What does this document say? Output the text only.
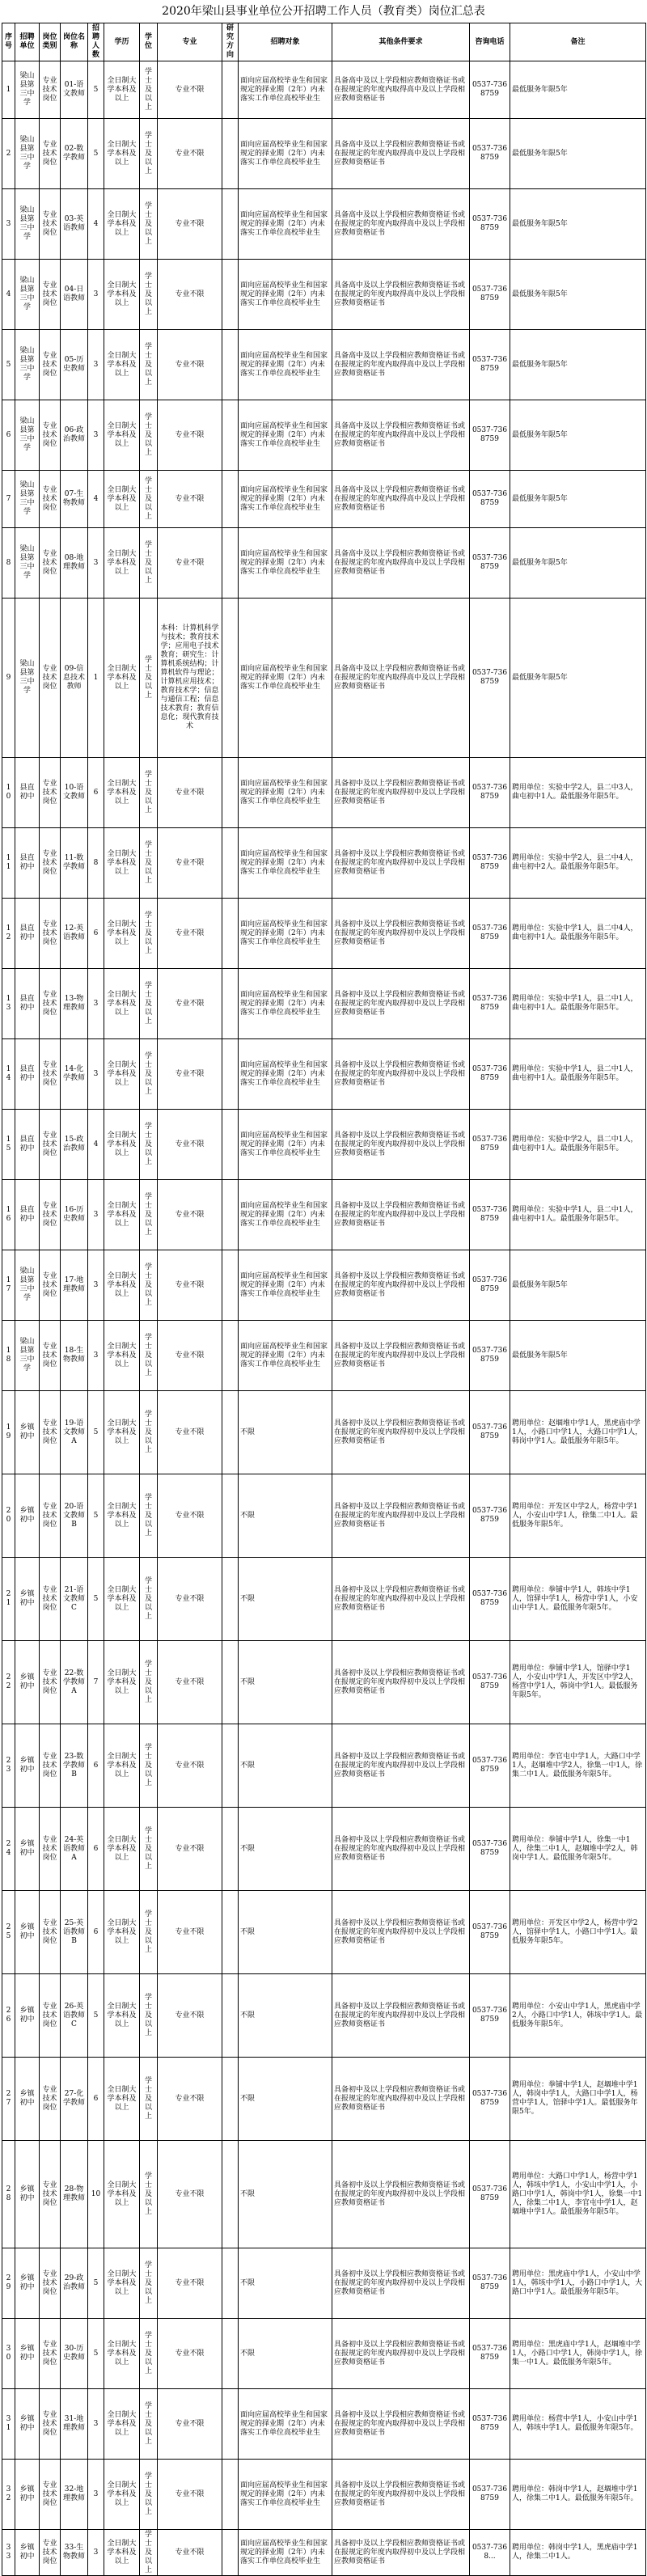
2020年梁山县事业单位公开招聘工作人员（教育类）岗位汇总表
序号	招聘单位	岗位类别	岗位名称	招聘人数	学历	学位	专业	研究方向	招聘对象	其他条件要求	咨询电话	备注
1	梁山县第三中学	专业技术岗位	01-语文教师	5	全日制大学本科及以上	学士及以上	专业不限		面向应届高校毕业生和国家规定的择业期（2年）内未落实工作单位高校毕业生	具备高中及以上学段相应教师资格证书或在报规定的年度内取得高中及以上学段相应教师资格证书	0537-7368759	最低服务年限5年
2	梁山县第三中学	专业技术岗位	02-数学教师	5	全日制大学本科及以上	学士及以上	专业不限		面向应届高校毕业生和国家规定的择业期（2年）内未落实工作单位高校毕业生	具备高中及以上学段相应教师资格证书或在报规定的年度内取得高中及以上学段相应教师资格证书	0537-7368759	最低服务年限5年
3	梁山县第三中学	专业技术岗位	03-英语教师	4	全日制大学本科及以上	学士及以上	专业不限		面向应届高校毕业生和国家规定的择业期（2年）内未落实工作单位高校毕业生	具备高中及以上学段相应教师资格证书或在报规定的年度内取得高中及以上学段相应教师资格证书	0537-7368759	最低服务年限5年
4	梁山县第三中学	专业技术岗位	04-日语教师	3	全日制大学本科及以上	学士及以上	专业不限		面向应届高校毕业生和国家规定的择业期（2年）内未落实工作单位高校毕业生	具备高中及以上学段相应教师资格证书或在报规定的年度内取得高中及以上学段相应教师资格证书	0537-7368759	最低服务年限5年
5	梁山县第三中学	专业技术岗位	05-历史教师	3	全日制大学本科及以上	学士及以上	专业不限		面向应届高校毕业生和国家规定的择业期（2年）内未落实工作单位高校毕业生	具备高中及以上学段相应教师资格证书或在报规定的年度内取得高中及以上学段相应教师资格证书	0537-7368759	最低服务年限5年
6	梁山县第三中学	专业技术岗位	06-政治教师	3	全日制大学本科及以上	学士及以上	专业不限		面向应届高校毕业生和国家规定的择业期（2年）内未落实工作单位高校毕业生	具备高中及以上学段相应教师资格证书或在报规定的年度内取得高中及以上学段相应教师资格证书	0537-7368759	最低服务年限5年
7	梁山县第三中学	专业技术岗位	07-生物教师	4	全日制大学本科及以上	学士及以上	专业不限		面向应届高校毕业生和国家规定的择业期（2年）内未落实工作单位高校毕业生	具备高中及以上学段相应教师资格证书或在报规定的年度内取得高中及以上学段相应教师资格证书	0537-7368759	最低服务年限5年
8	梁山县第三中学	专业技术岗位	08-地理教师	3	全日制大学本科及以上	学士及以上	专业不限		面向应届高校毕业生和国家规定的择业期（2年）内未落实工作单位高校毕业生	具备高中及以上学段相应教师资格证书或在报规定的年度内取得高中及以上学段相应教师资格证书	0537-7368759	最低服务年限5年
9	梁山县第三中学	专业技术岗位	09-信息技术教师	1	全日制大学本科及以上	学士及以上	本科：计算机科学与技术；教育技术学；应用电子技术教育；研究生：计算机系统结构；计算机软件与理论；计算机应用技术；教育技术学；信息与通信工程；信息技术教育；教育信息化；现代教育技术		面向应届高校毕业生和国家规定的择业期（2年）内未落实工作单位高校毕业生	具备高中及以上学段相应教师资格证书或在报规定的年度内取得高中及以上学段相应教师资格证书	0537-7368759	最低服务年限5年
10	县直初中	专业技术岗位	10-语文教师	6	全日制大学本科及以上	学士及以上	专业不限		面向应届高校毕业生和国家规定的择业期（2年）内未落实工作单位高校毕业生	具备初中及以上学段相应教师资格证书或在报规定的年度内取得初中及以上学段相应教师资格证书	0537-7368759	聘用单位：实验中学2人，县二中3人，曲屯初中1人。最低服务年限5年。
11	县直初中	专业技术岗位	11-数学教师	8	全日制大学本科及以上	学士及以上	专业不限		面向应届高校毕业生和国家规定的择业期（2年）内未落实工作单位高校毕业生	具备初中及以上学段相应教师资格证书或在报规定的年度内取得初中及以上学段相应教师资格证书	0537-7368759	聘用单位：实验中学2人，县二中4人，曲屯初中2人。最低服务年限5年。
12	县直初中	专业技术岗位	12-英语教师	6	全日制大学本科及以上	学士及以上	专业不限		面向应届高校毕业生和国家规定的择业期（2年）内未落实工作单位高校毕业生	具备初中及以上学段相应教师资格证书或在报规定的年度内取得初中及以上学段相应教师资格证书	0537-7368759	聘用单位：实验中学1人，县二中4人，曲屯初中1人。最低服务年限5年。
13	县直初中	专业技术岗位	13-物理教师	3	全日制大学本科及以上	学士及以上	专业不限		面向应届高校毕业生和国家规定的择业期（2年）内未落实工作单位高校毕业生	具备初中及以上学段相应教师资格证书或在报规定的年度内取得初中及以上学段相应教师资格证书	0537-7368759	聘用单位：实验中学1人，县二中1人，曲屯初中1人。最低服务年限5年。
14	县直初中	专业技术岗位	14-化学教师	3	全日制大学本科及以上	学士及以上	专业不限		面向应届高校毕业生和国家规定的择业期（2年）内未落实工作单位高校毕业生	具备初中及以上学段相应教师资格证书或在报规定的年度内取得初中及以上学段相应教师资格证书	0537-7368759	聘用单位：实验中学1人，县二中1人，曲屯初中1人。最低服务年限5年。
15	县直初中	专业技术岗位	15-政治教师	4	全日制大学本科及以上	学士及以上	专业不限		面向应届高校毕业生和国家规定的择业期（2年）内未落实工作单位高校毕业生	具备初中及以上学段相应教师资格证书或在报规定的年度内取得初中及以上学段相应教师资格证书	0537-7368759	聘用单位：实验中学2人，县二中1人，曲屯初中1人。最低服务年限5年。
16	县直初中	专业技术岗位	16-历史教师	3	全日制大学本科及以上	学士及以上	专业不限		面向应届高校毕业生和国家规定的择业期（2年）内未落实工作单位高校毕业生	具备初中及以上学段相应教师资格证书或在报规定的年度内取得初中及以上学段相应教师资格证书	0537-7368759	聘用单位：实验中学1人，县二中1人，曲屯初中1人。最低服务年限5年。
17	梁山县第三中学	专业技术岗位	17-地理教师	3	全日制大学本科及以上	学士及以上	专业不限		面向应届高校毕业生和国家规定的择业期（2年）内未落实工作单位高校毕业生	具备初中及以上学段相应教师资格证书或在报规定的年度内取得初中及以上学段相应教师资格证书	0537-7368759	最低服务年限5年
18	梁山县第三中学	专业技术岗位	18-生物教师	3	全日制大学本科及以上	学士及以上	专业不限		面向应届高校毕业生和国家规定的择业期（2年）内未落实工作单位高校毕业生	具备初中及以上学段相应教师资格证书或在报规定的年度内取得初中及以上学段相应教师资格证书	0537-7368759	最低服务年限5年
19	乡镇初中	专业技术岗位	19-语文教师A	5	全日制大学本科及以上	学士及以上	专业不限		不限	具备初中及以上学段相应教师资格证书或在报规定的年度内取得初中及以上学段相应教师资格证书	0537-7368759	聘用单位：赵堌堆中学1人，黑虎庙中学1人，小路口中学1人，大路口中学1人，韩岗中学1人。最低服务年限5年。
20	乡镇初中	专业技术岗位	20-语文教师B	5	全日制大学本科及以上	学士及以上	专业不限		不限	具备初中及以上学段相应教师资格证书或在报规定的年度内取得初中及以上学段相应教师资格证书	0537-7368759	聘用单位：开发区中学2人，杨营中学1人，小安山中学1人，徐集二中1人。最低服务年限5年。
21	乡镇初中	专业技术岗位	21-语文教师C	5	全日制大学本科及以上	学士及以上	专业不限		不限	具备初中及以上学段相应教师资格证书或在报规定的年度内取得初中及以上学段相应教师资格证书	0537-7368759	聘用单位：拳铺中学1人，韩垓中学1人，馆驿中学1人，杨营中学1人，小安山中学1人。最低服务年限5年。
22	乡镇初中	专业技术岗位	22-数学教师A	7	全日制大学本科及以上	学士及以上	专业不限		不限	具备初中及以上学段相应教师资格证书或在报规定的年度内取得初中及以上学段相应教师资格证书	0537-7368759	聘用单位：拳铺中学1人，馆驿中学1人，小安山中学1人，开发区中学2人，杨营中学1人，韩岗中学1人。最低服务年限5年。
23	乡镇初中	专业技术岗位	23-数学教师B	6	全日制大学本科及以上	学士及以上	专业不限		不限	具备初中及以上学段相应教师资格证书或在报规定的年度内取得初中及以上学段相应教师资格证书	0537-7368759	聘用单位：李官屯中学1人，大路口中学1人，赵堌堆中学2人，徐集一中1人，徐集二中1人。最低服务年限5年。
24	乡镇初中	专业技术岗位	24-英语教师A	6	全日制大学本科及以上	学士及以上	专业不限		不限	具备初中及以上学段相应教师资格证书或在报规定的年度内取得初中及以上学段相应教师资格证书	0537-7368759	聘用单位：拳铺中学1人，徐集一中1人，徐集二中1人，赵堌堆中学2人，韩岗中学1人。最低服务年限5年。
25	乡镇初中	专业技术岗位	25-英语教师B	6	全日制大学本科及以上	学士及以上	专业不限		不限	具备初中及以上学段相应教师资格证书或在报规定的年度内取得初中及以上学段相应教师资格证书	0537-7368759	聘用单位：开发区中学2人，杨营中学2人，馆驿中学1人，小路口中学1人。最低服务年限5年。
26	乡镇初中	专业技术岗位	26-英语教师C	5	全日制大学本科及以上	学士及以上	专业不限		不限	具备初中及以上学段相应教师资格证书或在报规定的年度内取得初中及以上学段相应教师资格证书	0537-7368759	聘用单位：小安山中学1人，黑虎庙中学2人，小路口中学1人，韩垓中学1人。最低服务年限5年。
27	乡镇初中	专业技术岗位	27-化学教师	6	全日制大学本科及以上	学士及以上	专业不限		不限	具备初中及以上学段相应教师资格证书或在报规定的年度内取得初中及以上学段相应教师资格证书	0537-7368759	聘用单位：拳铺中学1人，赵堌堆中学1人，韩岗中学1人，大路口中学1人，杨营中学1人，馆驿中学1人。最低服务年限5年。
28	乡镇初中	专业技术岗位	28-物理教师	10	全日制大学本科及以上	学士及以上	专业不限		不限	具备初中及以上学段相应教师资格证书或在报规定的年度内取得初中及以上学段相应教师资格证书	0537-7368759	聘用单位：大路口中学1人，杨营中学1人，韩垓中学1人，小安山中学1人，小路口中学1人，韩岗中学1人，徐集一中1人，徐集二中1人，李官屯中学1人，赵堌堆中学1人。最低服务年限5年。
29	乡镇初中	专业技术岗位	29-政治教师	5	全日制大学本科及以上	学士及以上	专业不限		不限	具备初中及以上学段相应教师资格证书或在报规定的年度内取得初中及以上学段相应教师资格证书	0537-7368759	聘用单位：黑虎庙中学1人，小安山中学1人，韩垓中学1人，小路口中学1人，大路口中学1人。最低服务年限5年。
30	乡镇初中	专业技术岗位	30-历史教师	5	全日制大学本科及以上	学士及以上	专业不限		不限	具备初中及以上学段相应教师资格证书或在报规定的年度内取得初中及以上学段相应教师资格证书	0537-7368759	聘用单位：黑虎庙中学1人，赵堌堆中学1人，小路口中学1人，韩岗中学1人，徐集一中1人。最低服务年限5年。
31	乡镇初中	专业技术岗位	31-地理教师	3	全日制大学本科及以上	学士及以上	专业不限		面向应届高校毕业生和国家规定的择业期（2年）内未落实工作单位高校毕业生	具备初中及以上学段相应教师资格证书或在报规定的年度内取得初中及以上学段相应教师资格证书	0537-7368759	聘用单位：杨营中学1人，小安山中学1人，韩垓中学1人。最低服务年限5年。
32	乡镇初中	专业技术岗位	32-地理教师	3	全日制大学本科及以上	学士及以上	专业不限		面向应届高校毕业生和国家规定的择业期（2年）内未落实工作单位高校毕业生	具备初中及以上学段相应教师资格证书或在报规定的年度内取得初中及以上学段相应教师资格证书	0537-7368759	聘用单位：韩岗中学1人，赵堌堆中学1人，徐集二中1人。最低服务年限5年。
33	乡镇初中	专业技术岗位	33-生物教师	3	全日制大学本科及以上	学士及以上	专业不限		面向应届高校毕业生和国家规定的择业期（2年）内未落实工作单位高校毕业生	具备初中及以上学段相应教师资格证书或在报规定的年度内取得初中及以上学段相应教师资格证书	0537-7368...	聘用单位：韩岗中学1人，黑虎庙中学1人，徐集二中1人。
